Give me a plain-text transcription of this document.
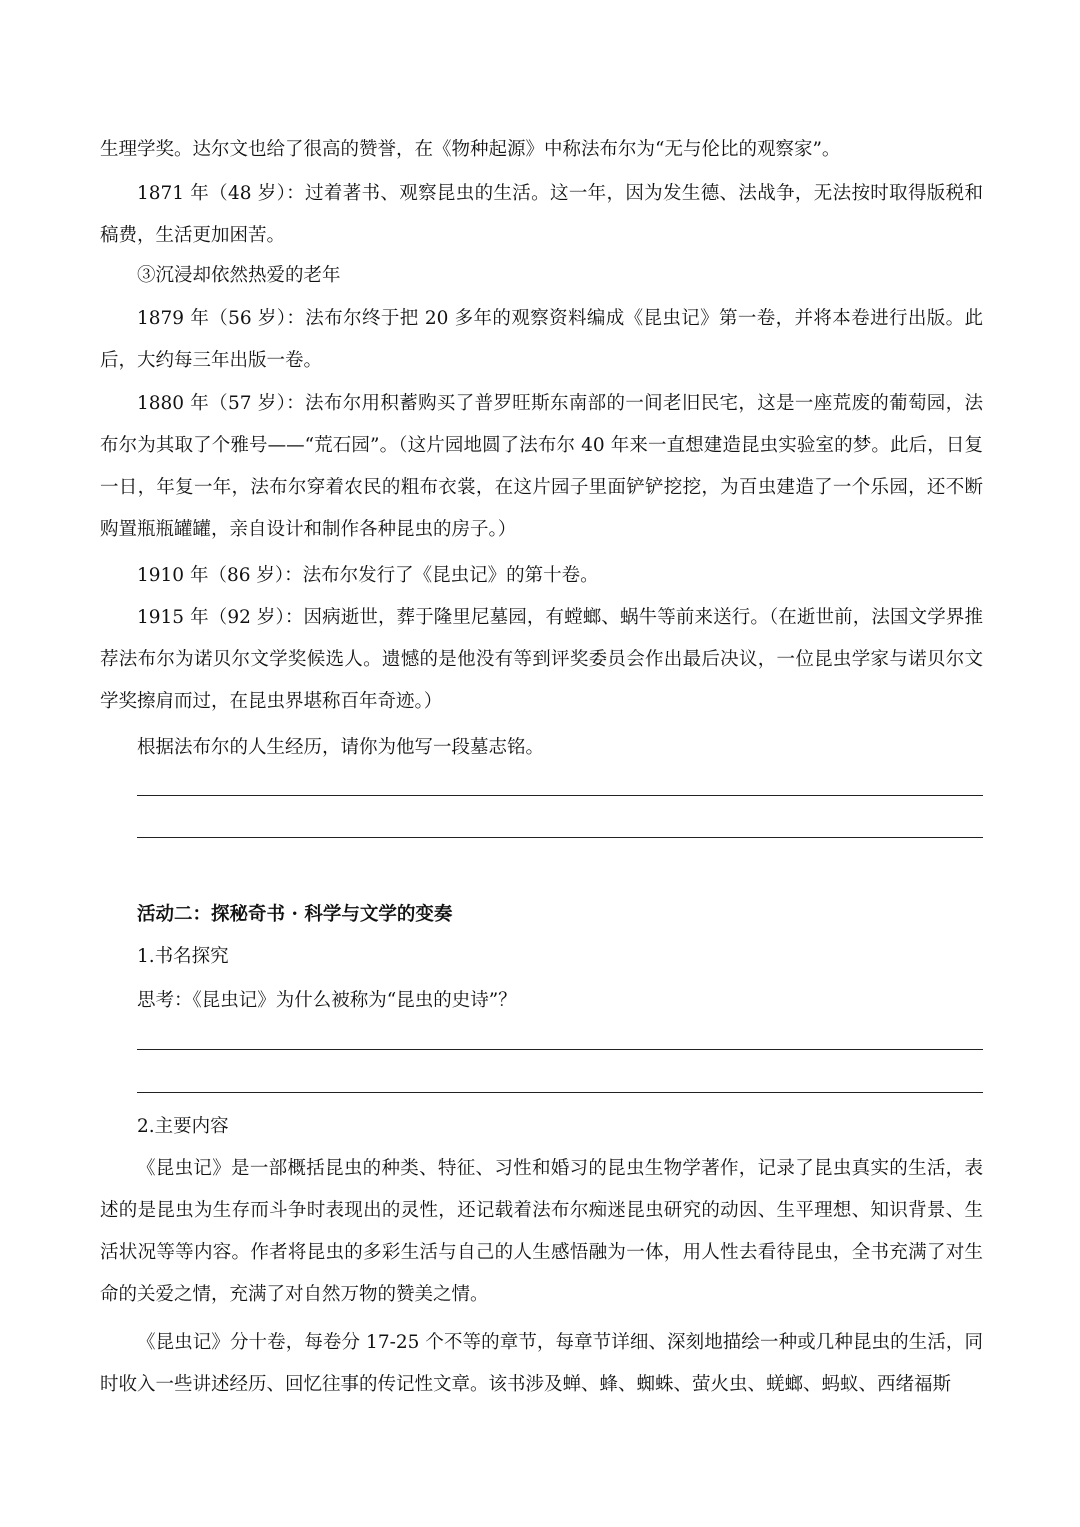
生理学奖。达尔文也给了很高的赞誉，在《物种起源》中称法布尔为“无与伦比的观察家”。
1871 年（48 岁）：过着著书、观察昆虫的生活。这一年，因为发生德、法战争，无法按时取得版税和稿费，生活更加困苦。
③沉浸却依然热爱的老年
1879 年（56 岁）：法布尔终于把 20 多年的观察资料编成《昆虫记》第一卷，并将本卷进行出版。此后，大约每三年出版一卷。
1880 年（57 岁）：法布尔用积蓄购买了普罗旺斯东南部的一间老旧民宅，这是一座荒废的葡萄园，法布尔为其取了个雅号——“荒石园”。（这片园地圆了法布尔 40 年来一直想建造昆虫实验室的梦。此后，日复一日，年复一年，法布尔穿着农民的粗布衣裳，在这片园子里面铲铲挖挖，为百虫建造了一个乐园，还不断购置瓶瓶罐罐，亲自设计和制作各种昆虫的房子。）
1910 年（86 岁）：法布尔发行了《昆虫记》的第十卷。
1915 年（92 岁）：因病逝世，葬于隆里尼墓园，有螳螂、蜗牛等前来送行。（在逝世前，法国文学界推荐法布尔为诺贝尔文学奖候选人。遗憾的是他没有等到评奖委员会作出最后决议，一位昆虫学家与诺贝尔文学奖擦肩而过，在昆虫界堪称百年奇迹。）
根据法布尔的人生经历，请你为他写一段墓志铭。
活动二：探秘奇书 · 科学与文学的变奏
1.书名探究
思考：《昆虫记》为什么被称为“昆虫的史诗”？
2.主要内容
《昆虫记》是一部概括昆虫的种类、特征、习性和婚习的昆虫生物学著作，记录了昆虫真实的生活，表述的是昆虫为生存而斗争时表现出的灵性，还记载着法布尔痴迷昆虫研究的动因、生平理想、知识背景、生活状况等等内容。作者将昆虫的多彩生活与自己的人生感悟融为一体，用人性去看待昆虫，全书充满了对生命的关爱之情，充满了对自然万物的赞美之情。
《昆虫记》分十卷，每卷分 17-25 个不等的章节，每章节详细、深刻地描绘一种或几种昆虫的生活，同时收入一些讲述经历、回忆往事的传记性文章。该书涉及蝉、蜂、蜘蛛、萤火虫、蜣螂、蚂蚁、西绪福斯
